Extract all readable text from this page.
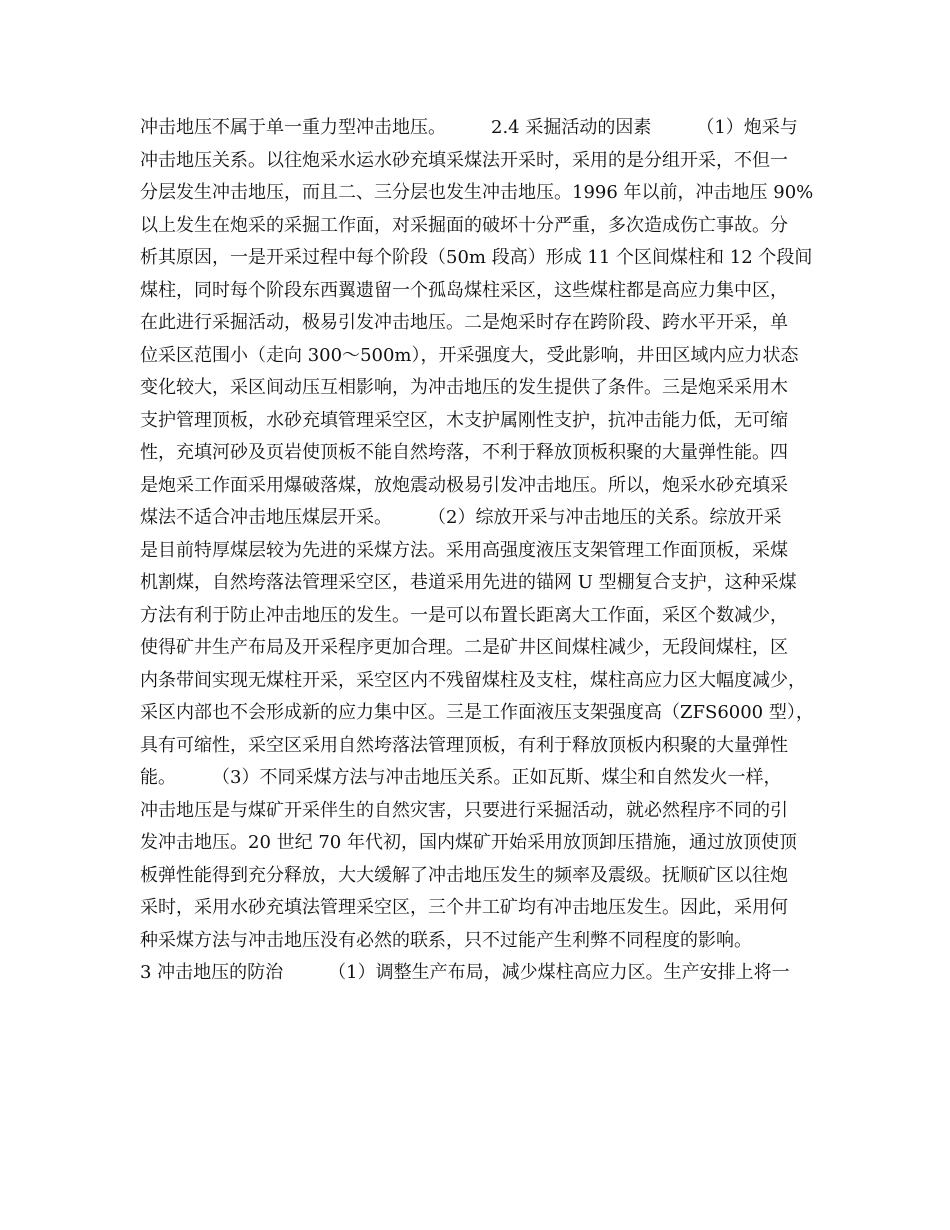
冲击地压不属于单一重力型冲击地压。　　　2.4 采掘活动的因素　　　（1）炮采与
冲击地压关系。以往炮采水运水砂充填采煤法开采时，采用的是分组开采，不但一
分层发生冲击地压，而且二、三分层也发生冲击地压。1996 年以前，冲击地压 90%
以上发生在炮采的采掘工作面，对采掘面的破坏十分严重，多次造成伤亡事故。分
析其原因，一是开采过程中每个阶段（50m 段高）形成 11 个区间煤柱和 12 个段间
煤柱，同时每个阶段东西翼遗留一个孤岛煤柱采区，这些煤柱都是高应力集中区，
在此进行采掘活动，极易引发冲击地压。二是炮采时存在跨阶段、跨水平开采，单
位采区范围小（走向 300～500m），开采强度大，受此影响，井田区域内应力状态
变化较大，采区间动压互相影响，为冲击地压的发生提供了条件。三是炮采采用木
支护管理顶板，水砂充填管理采空区，木支护属刚性支护，抗冲击能力低，无可缩
性，充填河砂及页岩使顶板不能自然垮落，不利于释放顶板积聚的大量弹性能。四
是炮采工作面采用爆破落煤，放炮震动极易引发冲击地压。所以，炮采水砂充填采
煤法不适合冲击地压煤层开采。　　　（2）综放开采与冲击地压的关系。综放开采
是目前特厚煤层较为先进的采煤方法。采用高强度液压支架管理工作面顶板，采煤
机割煤，自然垮落法管理采空区，巷道采用先进的锚网 U 型棚复合支护，这种采煤
方法有利于防止冲击地压的发生。一是可以布置长距离大工作面，采区个数减少，
使得矿井生产布局及开采程序更加合理。二是矿井区间煤柱减少，无段间煤柱，区
内条带间实现无煤柱开采，采空区内不残留煤柱及支柱，煤柱高应力区大幅度减少，
采区内部也不会形成新的应力集中区。三是工作面液压支架强度高（ZFS6000 型），
具有可缩性，采空区采用自然垮落法管理顶板，有利于释放顶板内积聚的大量弹性
能。　　　（3）不同采煤方法与冲击地压关系。正如瓦斯、煤尘和自然发火一样，
冲击地压是与煤矿开采伴生的自然灾害，只要进行采掘活动，就必然程序不同的引
发冲击地压。20 世纪 70 年代初，国内煤矿开始采用放顶卸压措施，通过放顶使顶
板弹性能得到充分释放，大大缓解了冲击地压发生的频率及震级。抚顺矿区以往炮
采时，采用水砂充填法管理采空区，三个井工矿均有冲击地压发生。因此，采用何
种采煤方法与冲击地压没有必然的联系，只不过能产生利弊不同程度的影响。
3 冲击地压的防治　　　（1）调整生产布局，减少煤柱高应力区。生产安排上将一
